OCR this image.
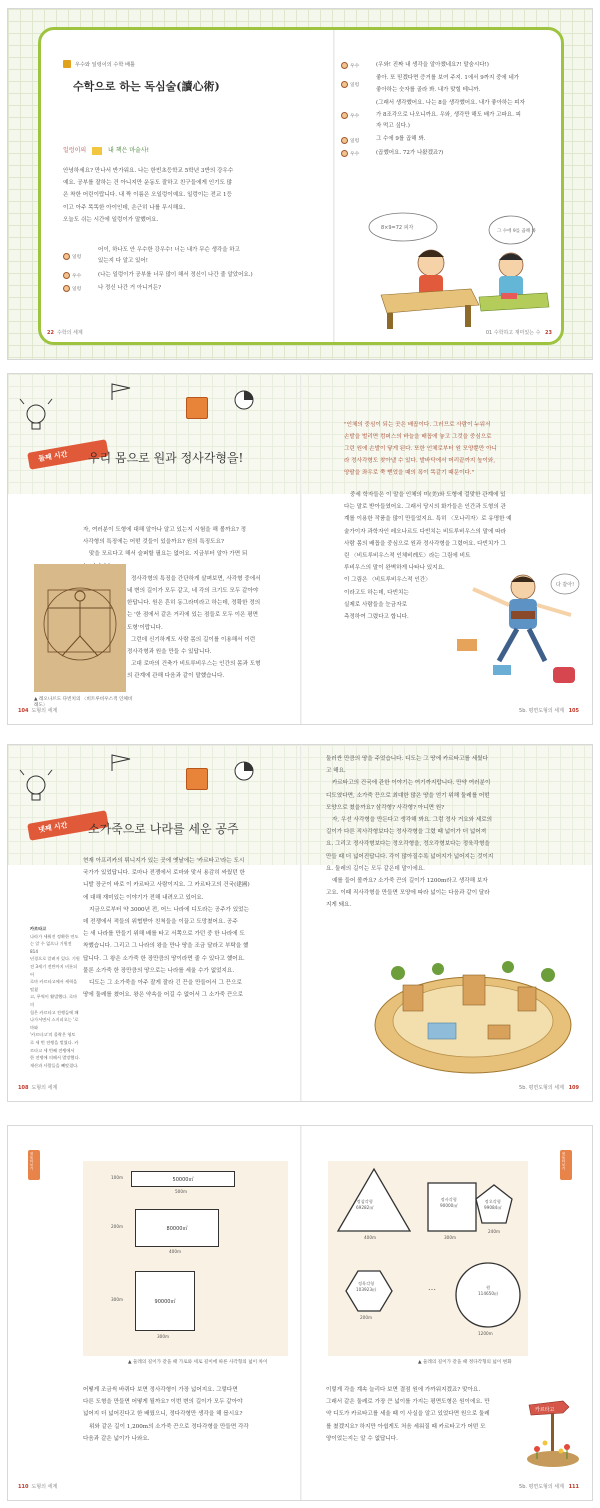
우수와 일렁이의 수학 배틀
수학으로 하는 독심술(讀心術)
일렁이의	내 책은 마술사!
안녕하세요? 만나서 반가워요. 나는 한빈초등학교 5학년 3반의 강우수
예요. 공부를 잘하는 건 아니지만 운동도 잘하고 친구들에게 인기도 많
은 착한 어린이랍니다. 내 짝 이름은 오일렁이예요. 일렁이는 전교 1등
이고 아주 똑똑한 아이인데, 은근히 나를 무시해요.
오늘도 쉬는 시간에 일렁이가 말했어요.
일렁
어이, 하나도 안 우수한 강우수! 너는 내가 무슨 생각을 하고
있는지 다 알고 있어!
우수	(나는 일렁이가 공부를 너무 많이 해서 정신이 나간 줄 알았어요.)
일렁	나 정신 나간 거 아니거든?
22 수학의 세계
우수	(우와! 진짜 내 생각을 알아챘네요?! 말숨시다!)
일렁
좋아. 또 믿겠다면 증거를 보여 주지. 1에서 9까지 중에 네가
좋아하는 숫자를 골라 봐. 내가 맞힐 테니까.
우수
(그래서 생각했어요. 나는 8을 생각했어요. 내가 좋아하는 피자
가 8조각으로 나오니까요. 우와, 생각만 해도 배가 고파요. 피
자 먹고 싶다.)
일렁	그 수에 9를 곱해 봐.
우수	(곱했어요. 72가 나왔겠죠?)
8×9=72 피자
그 수에 9를 곱해 봐
01 수학하고 재미있는 수 23
둘째 시간	우리 몸으로 원과 정사각형을!
자, 여러분이 도형에 대해 알아나 알고 있는지 시험을 해 볼까요? 정
사각형의 특징에는 어떤 것들이 있을까요? 원의 특징도요?
맞을 모르다고 해서 슬퍼할 필요는 없어요. 지금부터 알아 가면 되
정사각형의 특징을 간단하게 살펴보면, 사각형 중에서
네 변의 길이가 모두 같고, 네 각의 크기도 모두 같아야
한답니다. 원은 흔히 동그라미라고 하는데, 정확한 정의
는 '한 점에서 같은 거리에 있는 점들로 모두 이은 평면
도형'이랍니다.
그런데 신기하게도 사람 몸의 길이를 이용해서 이런
정사각형과 원을 만들 수 있답니다.
고대 로마의 건축가 비트루비우스는 인간의 몸과 도형
의 관계에 관해 다음과 같이 말했습니다.
▲ 레오나르도 다빈치의 〈비트루비우스적 인체비례도〉
104 도형의 세계
"인체의 중심이 되는 곳은 배꼽이다. 그러므로 사람이 누워서
손발을 벌리면 컴퍼스의 바늘을 배꼽에 놓고 그것을 중심으로
그린 원에 손발이 닿게 된다. 또한 인체로부터 원 모양뿐만 아니
라 정사각형도 찾아낼 수 있다. 발바닥에서 머리끝까지 높이와,
양팔을 좌우로 쭉 뻗었을 때의 폭이 똑같기 때문이다."
중세 학자들은 이 말을 인체의 미(美)와 도형에 걸맞한 관계에 있
다는 말로 받아들였어요. 그래서 당시의 화가들은 인간과 도형의 관
계를 이용한 작품을 많이 만들었지요. 특히 〈모나리자〉로 유명한 예
술가이자 과학자인 레오나르도 다빈치는 비트루비우스의 말에 따라
사람 몸의 배꼽을 중심으로 원과 정사각형을 그렸어요. 다빈치가 그
린 〈비트루비우스적 인체비례도〉라는 그림에 비트
루비우스의 말이 완벽하게 나타나 있지요.
이 그림은 〈비트루비우스적 인간〉
이라고도 하는데, 다빈치는
실제로 사람들을 눈금자로
측정하여 그렸다고 합니다.
다 같아!
5b. 평면도형의 세계 105
넷째 시간	소가죽으로 나라를 세운 공주
현재 아프리카의 튀니지가 있는 곳에 옛날에는 '카르타고'라는 도시
국가가 있었답니다. 로마나 전쟁에서 로마와 맞서 용감히 싸웠던 한
니발 장군이 바로 이 카르타고 사람이지요. 그 카르타고의 건국(建國)
에 대해 재미있는 이야기가 전해 내려오고 있어요.
지금으로부터 약 3000년 전, 어느 나라에 디도라는 공주가 있었는
데 전쟁에서 적들의 위협받아 친척들을 이끌고 도망쳤어요. 공주
는 새 나라를 만들기 위해 배를 타고 서쪽으로 가던 중 한 나라에 도
착했습니다. 그리고 그 나라의 왕을 만나 땅을 조금 달라고 부탁을 했
답니다. 그 왕은 소가죽 한 장만큼의 땅이라면 줄 수 있다고 했어요.
물론 소가죽 한 장만큼의 땅으로는 나라를 세울 수가 없었지요.
디도는 그 소가죽을 아주 잘게 잘라 긴 끈을 만들어서 그 끈으로
땅에 둘레를 쳤어요. 왕은 약속을 어길 수 없어서 그 소가죽 끈으로
카르타고
나라가 세워진 정확한 연도
는 알 수 없으나 기원전 814
년경으로 알려져 있다. 기원
전 3세기 전반까지 비롯되어
로마 카르타고에서 세력을 떨쳤
고, 무역이 활발했다. 로마의
힘은 카르타고 전쟁들에 패
나가서면서 스키피오는 '로마와
'카르타고'의 몰락은 영토
로 세 번 전쟁을 벌였다. 카
르타고 세 번째 전쟁에서
한 전쟁에 의해서 멸망했다.
재산과 사람들을 빼앗겼다.
108 도형의 세계
둘러싼 만큼의 땅을 주었습니다. 디도는 그 땅에 카르타고를 세웠다
고 해요.
카르타고의 건국에 관한 이야기는 여기까지랍니다. 만약 여러분이
디도였다면, 소가죽 끈으로 최대한 많은 땅을 얻기 위해 둘레를 어떤
모양으로 쳤을까요? 삼각형? 사각형? 아니면 원?
자, 우선 사각형을 만든다고 생각해 봐요. 그럼 정사 거요와 세로의
길이가 다른 직사각형보다는 정사각형을 그렸 때 넓이가 더 넓어져
요. 그리고 정사각형보다는 정오각형을, 정오각형보다는 정육각형을
만들 때 더 넓어진답니다. 각이 많아질수록 넓어지가 넓어지는 것이지
요. 둘레의 길이는 모두 같은데 말이에요.
예를 들어 볼까요? 소가죽 끈의 길이가 1200m라고 생각해 보자
고요. 이때 직사각형을 만들면 모양에 따라 넓이는 다음과 같이 달라
지게 돼요.
5b. 평면도형의 세계 109
옆돌아보기	옆돌아보기
50000㎡
100m
500m
80000㎡
200m
400m
90000㎡
300m
300m
▲ 둘레의 길이가 같을 때 가로와 세로 길이에 따른 사각형의 넓이 차이
정삼각형
69282㎡
400m
정사각형
90000㎡
300m
정오각형
99084㎡
240m
정육각형
103923㎡
200m
…	원
114650㎡
1200m
▲ 둘레의 길이가 같을 때 정다각형의 넓이 변화
어떻게 조금씩 바뀌다 보면 정사각형이 가장 넓어지요. 그렇다면
다른 도형을 만들면 어떻게 될까요? 이번 변의 길이가 모두 같아야
넓어지 더 넓어진다고 한 배웠으니, 정다각형만 생각을 해 봅시요?
위와 같은 길이 1,200m의 소가죽 끈으로 정다각형을 만들면 각각
다음과 같은 넓이가 나와요.
이렇게 각을 계속 늘리다 보면 결점 원에 가까워지겠죠? 맞아요.
그래서 같은 둘레로 가장 큰 넓이를 가지는 평면도형은 원이에요. 만
약 디도가 카르타고를 세울 때 이 사실을 알고 있었다면 원으로 둘레
를 쳤겠지요? 하지만 아쉽게도 처음 세워질 때 카르타고가 어떤 모
양이었는지는 알 수 없답니다.
카르타고
110 도형의 세계	5b. 평면도형의 세계 111
